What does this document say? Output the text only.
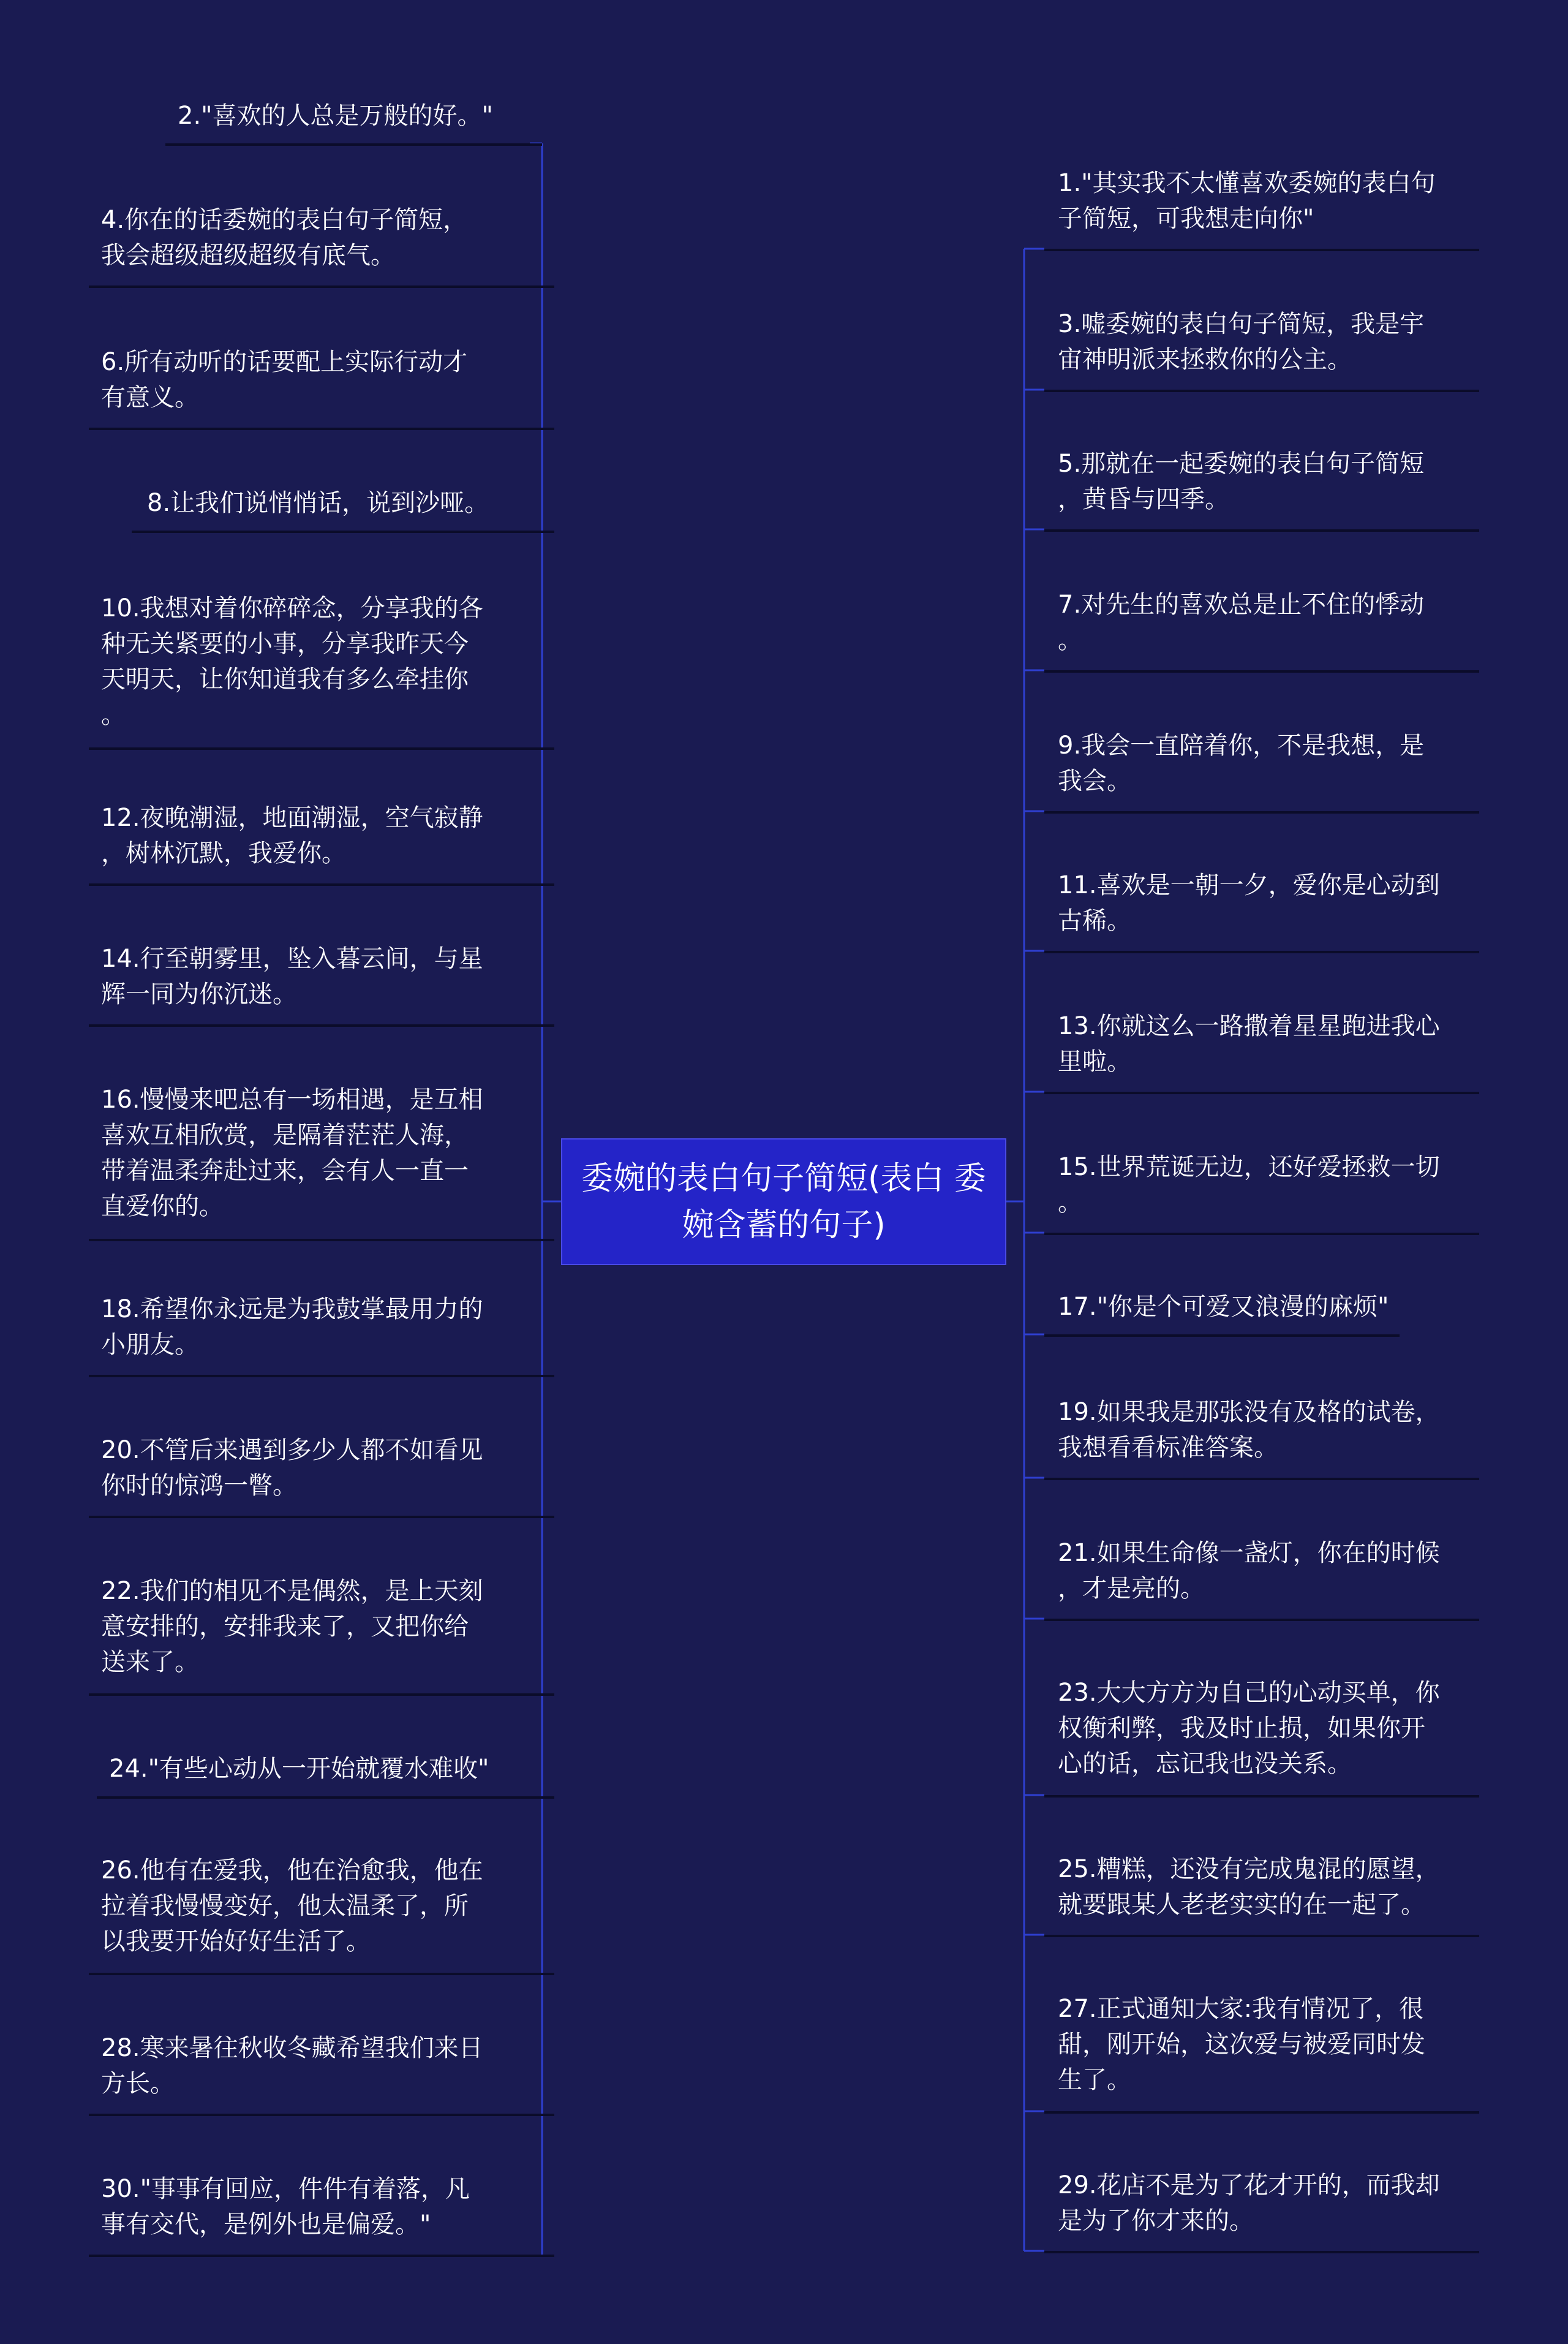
委婉的表白句子简短(表白 委婉含蓄的句子)
2."喜欢的人总是万般的好。"
4.你在的话委婉的表白句子简短，
我会超级超级超级有底气。
6.所有动听的话要配上实际行动才
有意义。
8.让我们说悄悄话，说到沙哑。
10.我想对着你碎碎念，分享我的各
种无关紧要的小事，分享我昨天今
天明天，让你知道我有多么牵挂你
。
12.夜晚潮湿，地面潮湿，空气寂静
，树林沉默，我爱你。
14.行至朝雾里，坠入暮云间，与星
辉一同为你沉迷。
16.慢慢来吧总有一场相遇，是互相
喜欢互相欣赏，是隔着茫茫人海，
带着温柔奔赴过来，会有人一直一
直爱你的。
18.希望你永远是为我鼓掌最用力的
小朋友。
20.不管后来遇到多少人都不如看见
你时的惊鸿一瞥。
22.我们的相见不是偶然，是上天刻
意安排的，安排我来了，又把你给
送来了。
24."有些心动从一开始就覆水难收"
26.他有在爱我，他在治愈我，他在
拉着我慢慢变好，他太温柔了，所
以我要开始好好生活了。
28.寒来暑往秋收冬藏希望我们来日
方长。
30."事事有回应，件件有着落，凡
事有交代，是例外也是偏爱。"
1."其实我不太懂喜欢委婉的表白句
子简短，可我想走向你"
3.嘘委婉的表白句子简短，我是宇
宙神明派来拯救你的公主。
5.那就在一起委婉的表白句子简短
，黄昏与四季。
7.对先生的喜欢总是止不住的悸动
。
9.我会一直陪着你，不是我想，是
我会。
11.喜欢是一朝一夕，爱你是心动到
古稀。
13.你就这么一路撒着星星跑进我心
里啦。
15.世界荒诞无边，还好爱拯救一切
。
17."你是个可爱又浪漫的麻烦"
19.如果我是那张没有及格的试卷，
我想看看标准答案。
21.如果生命像一盏灯，你在的时候
，才是亮的。
23.大大方方为自己的心动买单，你
权衡利弊，我及时止损，如果你开
心的话，忘记我也没关系。
25.糟糕，还没有完成鬼混的愿望，
就要跟某人老老实实的在一起了。
27.正式通知大家:我有情况了，很
甜，刚开始，这次爱与被爱同时发
生了。
29.花店不是为了花才开的，而我却
是为了你才来的。
